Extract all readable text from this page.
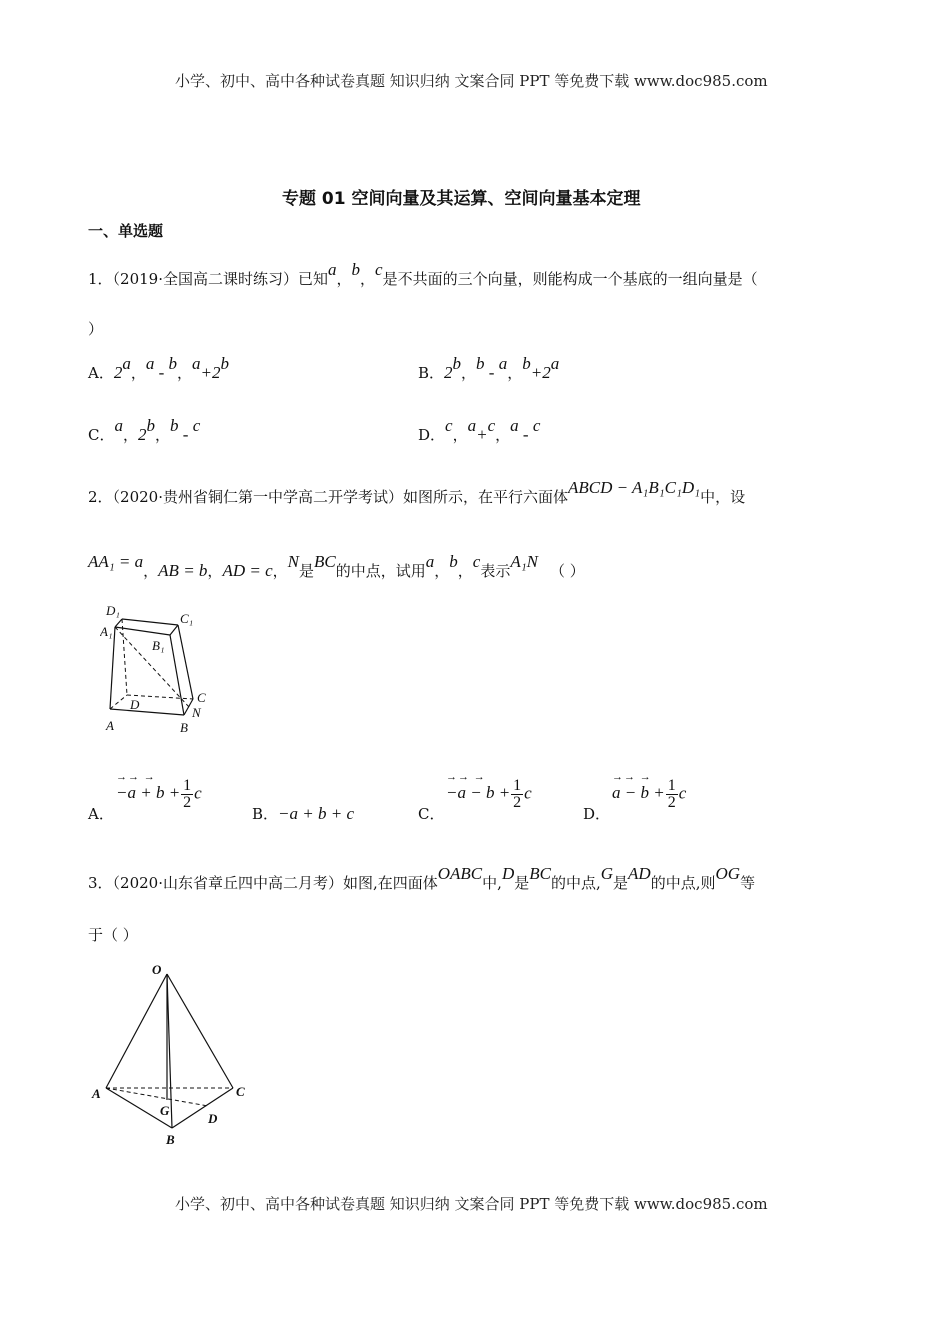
小学、初中、高中各种试卷真题 知识归纳 文案合同 PPT 等免费下载 www.doc985.com
专题 01 空间向量及其运算、空间向量基本定理
一、单选题
1．（2019·全国高二课时练习）已知a，b，c是不共面的三个向量，则能构成一个基底的一组向量是（
）
A．2a，a - b，a+2b	B．2b，b - a，b+2a
C．a，2b，b - c	D．c，a+c，a - c
2．（2020·贵州省铜仁第一中学高二开学考试）如图所示，在平行六面体ABCD − A₁B₁C₁D₁中，设
AA₁ = a，AB = b，AD = c，N是BC的中点，试用a，b，c表示A₁N （ ）
D₁
C₁
A₁
B₁
D	C
N
A	B
A．
→→ →
$-a + b + \frac{1}{2}$ c
B．−a + b + c	C．
→→ →
$-a - b + \frac{1}{2}$ c
D．
→→ →
$a - b + \frac{1}{2}$ c
3．（2020·山东省章丘四中高二月考）如图,在四面体OABC中,D是BC的中点,G是AD的中点,则OG等
于（ ）
O
A	C
G
D
B
小学、初中、高中各种试卷真题 知识归纳 文案合同 PPT 等免费下载 www.doc985.com
